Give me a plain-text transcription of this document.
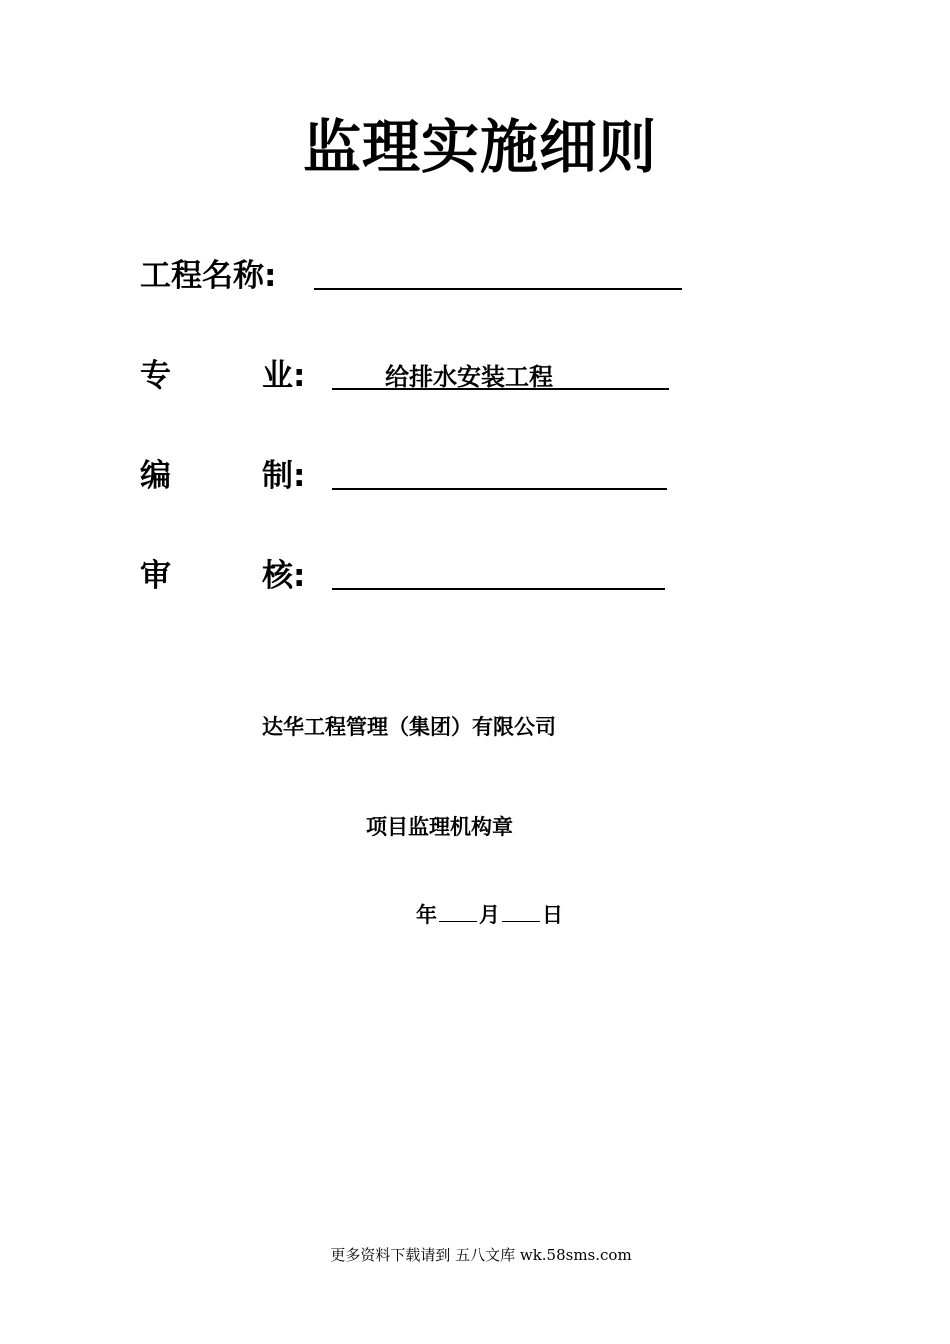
监理实施细则
工程名称:
专	业:	给排水安装工程
编	制:
审	核:
达华工程管理（集团）有限公司
项目监理机构章
年 月 日
更多资料下载请到 五八文库 wk.58sms.com
